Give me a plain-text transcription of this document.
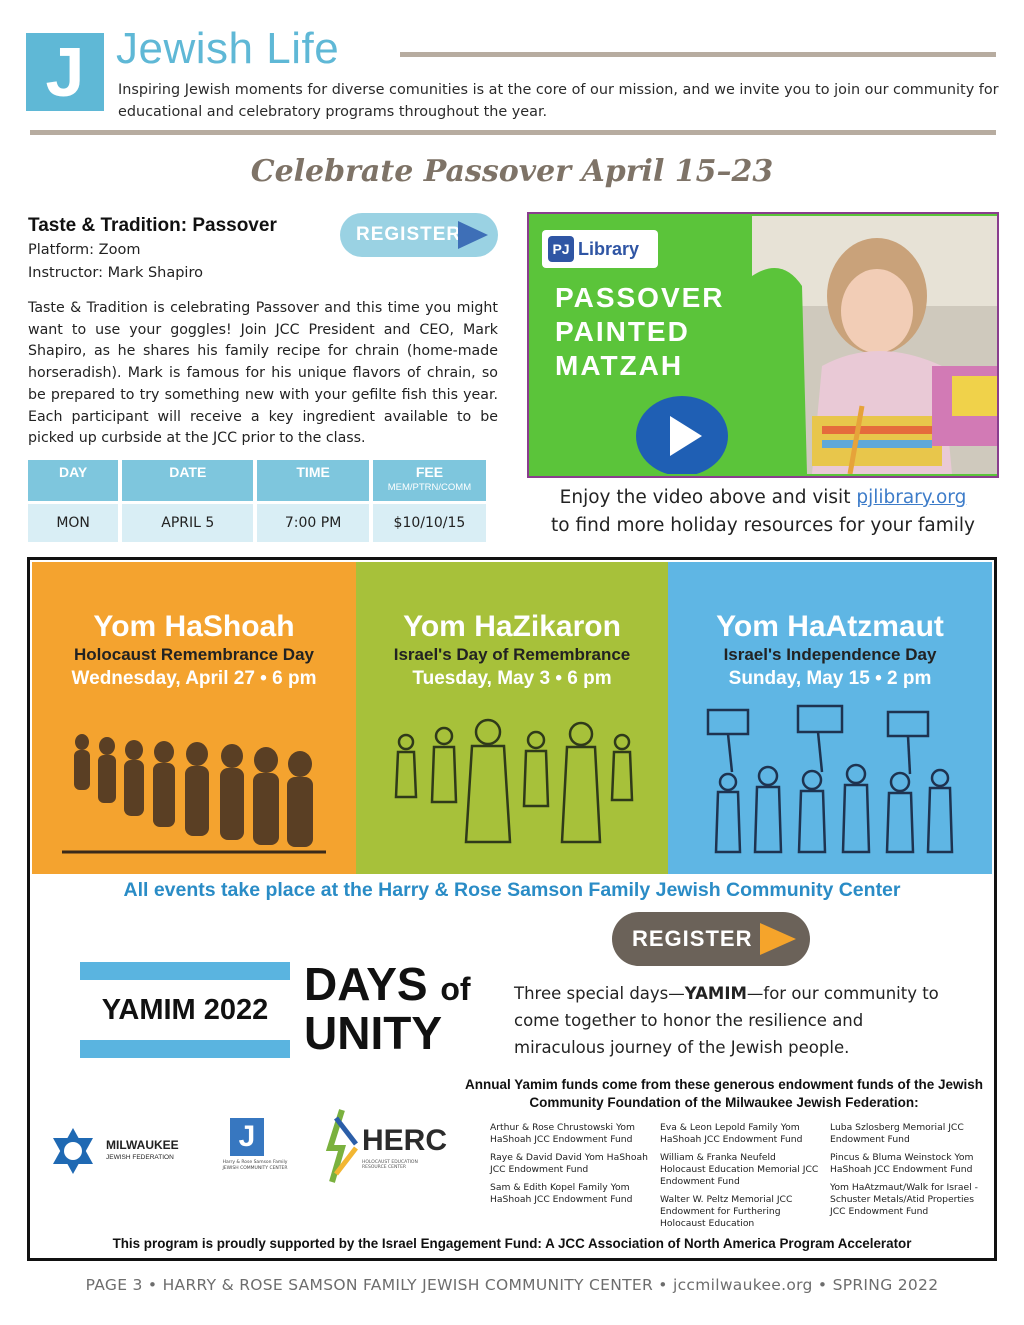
J Jewish Life
Inspiring Jewish moments for diverse comunities is at the core of our mission, and we invite you to join our community for educational and celebratory programs throughout the year.
Celebrate Passover April 15–23
Taste & Tradition: Passover
Platform: Zoom
Instructor: Mark Shapiro
REGISTER
Taste & Tradition is celebrating Passover and this time you might want to use your goggles! Join JCC President and CEO, Mark Shapiro, as he shares his family recipe for chrain (home-made horseradish). Mark is famous for his unique flavors of chrain, so be prepared to try something new with your gefilte fish this year. Each participant will receive a key ingredient available to be picked up curbside at the JCC prior to the class.
DAY	DATE	TIME	FEE
MEM/PTRN/COMM

MON	APRIL 5	7:00 PM	$10/10/15
PJ Library
PASSOVER
PAINTED
MATZAH
Enjoy the video above and visit pjlibrary.org
to find more holiday resources for your family
Yom HaShoah
Holocaust Remembrance Day
Wednesday, April 27 • 6 pm
Yom HaZikaron
Israel's Day of Remembrance
Tuesday, May 3 • 6 pm
Yom HaAtzmaut
Israel's Independence Day
Sunday, May 15 • 2 pm
All events take place at the Harry & Rose Samson Family Jewish Community Center
REGISTER
YAMIM 2022 DAYS of
UNITY
Three special days—YAMIM—for our community to come together to honor the resilience and miraculous journey of the Jewish people.
Annual Yamim funds come from these generous endowment funds of the Jewish Community Foundation of the Milwaukee Jewish Federation:

Arthur & Rose Chrustowski Yom HaShoah JCC Endowment Fund

Raye & David David Yom HaShoah JCC Endowment Fund

Sam & Edith Kopel Family Yom HaShoah JCC Endowment Fund

Eva & Leon Lepold Family Yom HaShoah JCC Endowment Fund

William & Franka Neufeld Holocaust Education Memorial JCC Endowment Fund

Walter W. Peltz Memorial JCC Endowment for Furthering Holocaust Education

Luba Szlosberg Memorial JCC Endowment Fund

Pincus & Bluma Weinstock Yom HaShoah JCC Endowment Fund

Yom HaAtzmaut/Walk for Israel - Schuster Metals/Atid Properties JCC Endowment Fund

MILWAUKEE
JEWISH FEDERATION
J
Harry & Rose Samson Family JEWISH COMMUNITY CENTER
HERC
HOLOCAUST EDUCATION RESOURCE CENTER
This program is proudly supported by the Israel Engagement Fund: A JCC Association of North America Program Accelerator
PAGE 3 • HARRY & ROSE SAMSON FAMILY JEWISH COMMUNITY CENTER • jccmilwaukee.org • SPRING 2022
